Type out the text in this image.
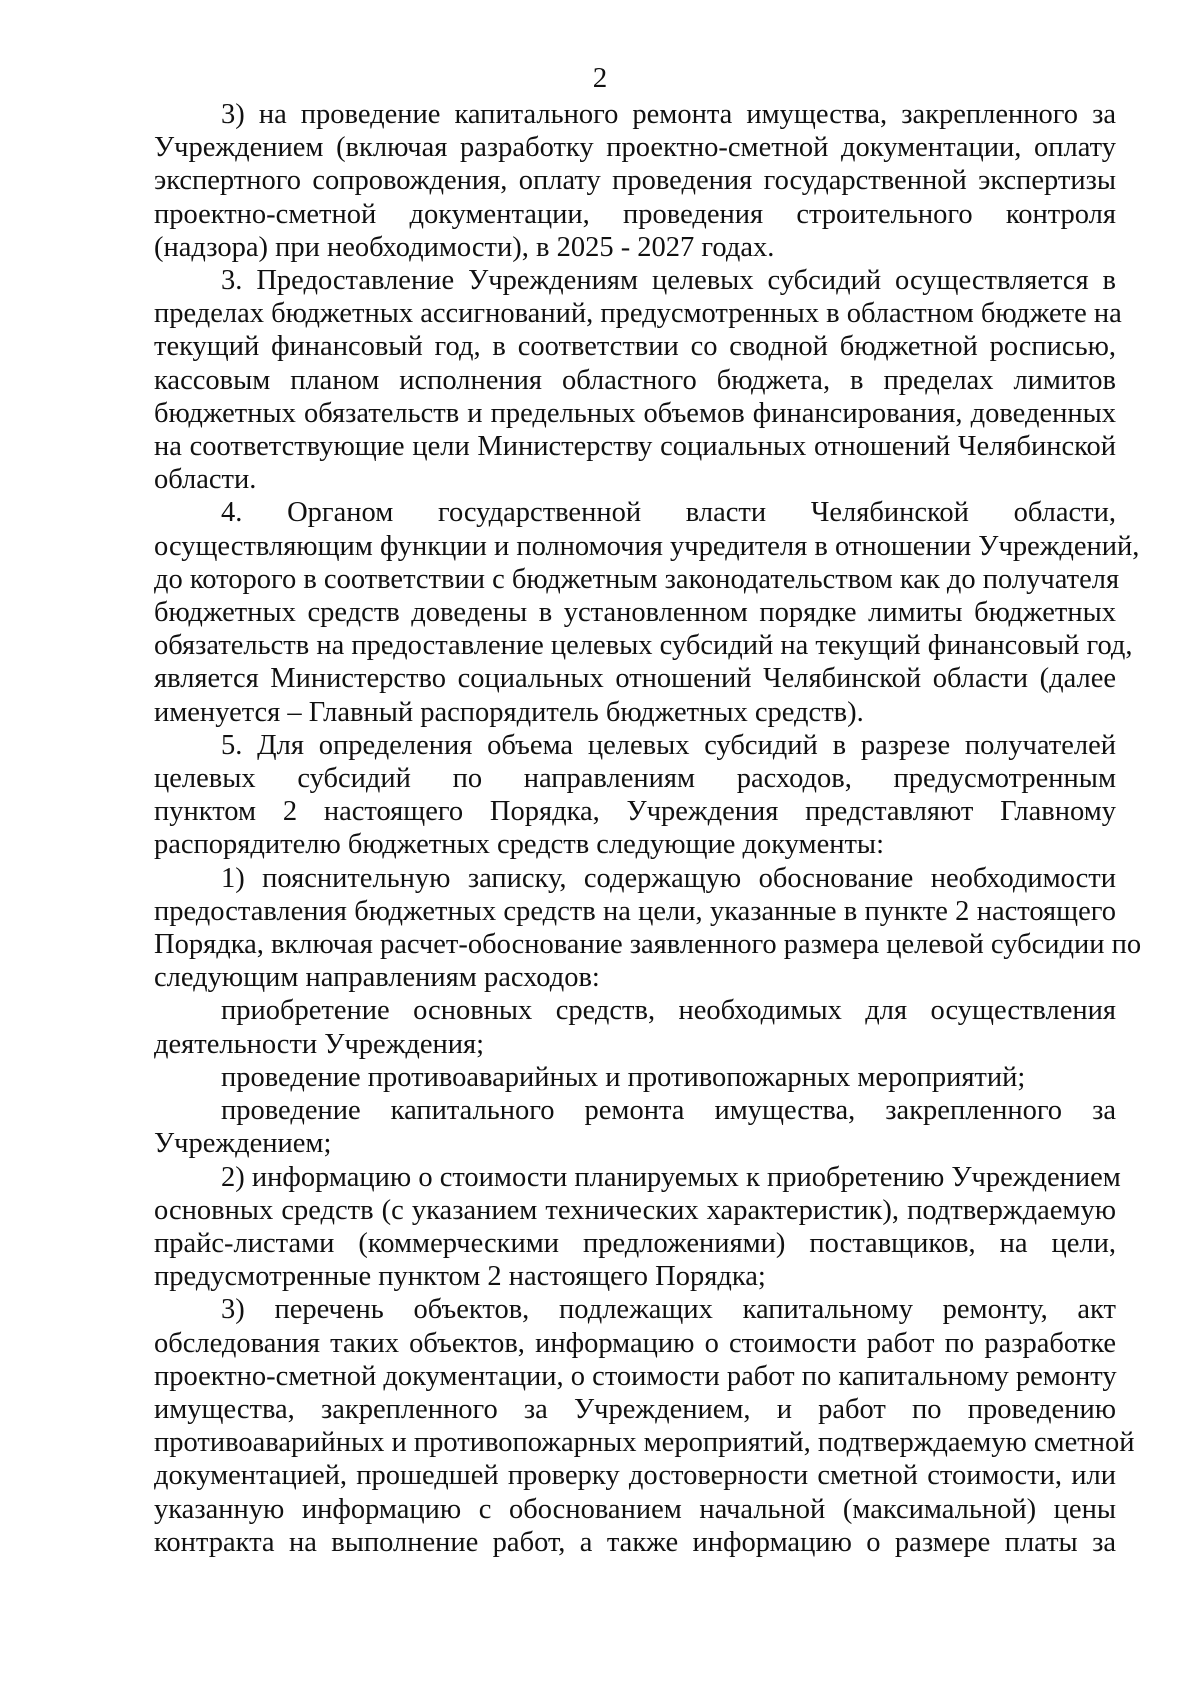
2

3) на проведение капитального ремонта имущества, закрепленного за
Учреждением (включая разработку проектно-сметной документации, оплату
экспертного сопровождения, оплату проведения государственной экспертизы
проектно-сметной документации, проведения строительного контроля
(надзора) при необходимости), в 2025 - 2027 годах.

3. Предоставление Учреждениям целевых субсидий осуществляется в
пределах бюджетных ассигнований, предусмотренных в областном бюджете на
текущий финансовый год, в соответствии со сводной бюджетной росписью,
кассовым планом исполнения областного бюджета, в пределах лимитов
бюджетных обязательств и предельных объемов финансирования, доведенных
на соответствующие цели Министерству социальных отношений Челябинской
области.

4. Органом государственной власти Челябинской области,
осуществляющим функции и полномочия учредителя в отношении Учреждений,
до которого в соответствии с бюджетным законодательством как до получателя
бюджетных средств доведены в установленном порядке лимиты бюджетных
обязательств на предоставление целевых субсидий на текущий финансовый год,
является Министерство социальных отношений Челябинской области (далее
именуется – Главный распорядитель бюджетных средств).

5. Для определения объема целевых субсидий в разрезе получателей
целевых субсидий по направлениям расходов, предусмотренным
пунктом 2 настоящего Порядка, Учреждения представляют Главному
распорядителю бюджетных средств следующие документы:

1) пояснительную записку, содержащую обоснование необходимости
предоставления бюджетных средств на цели, указанные в пункте 2 настоящего
Порядка, включая расчет-обоснование заявленного размера целевой субсидии по
следующим направлениям расходов:

приобретение основных средств, необходимых для осуществления
деятельности Учреждения;

проведение противоаварийных и противопожарных мероприятий;

проведение капитального ремонта имущества, закрепленного за
Учреждением;

2) информацию о стоимости планируемых к приобретению Учреждением
основных средств (с указанием технических характеристик), подтверждаемую
прайс-листами (коммерческими предложениями) поставщиков, на цели,
предусмотренные пунктом 2 настоящего Порядка;

3) перечень объектов, подлежащих капитальному ремонту, акт
обследования таких объектов, информацию о стоимости работ по разработке
проектно-сметной документации, о стоимости работ по капитальному ремонту
имущества, закрепленного за Учреждением, и работ по проведению
противоаварийных и противопожарных мероприятий, подтверждаемую сметной
документацией, прошедшей проверку достоверности сметной стоимости, или
указанную информацию с обоснованием начальной (максимальной) цены
контракта на выполнение работ, а также информацию о размере платы за
